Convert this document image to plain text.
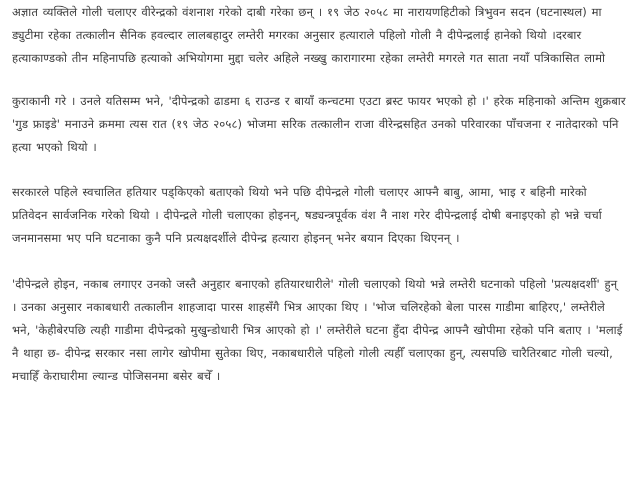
अज्ञात व्यक्तिले गोली चलाएर वीरेन्द्रको वंशनाश गरेको दाबी गरेका छन् । १९ जेठ २०५८ मा नारायणहिटीको त्रिभुवन सदन (घटनास्थल) मा ड्युटीमा रहेका तत्कालीन सैनिक हवल्दार लालबहादुर लम्तेरी मगरका अनुसार हत्याराले पहिलो गोली नै दीपेन्द्रलाई हानेको थियो ।दरबार हत्याकाण्डको तीन महिनापछि हत्याको अभियोगमा मुद्दा चलेर अहिले नख्खु कारागारमा रहेका लम्तेरी मगरले गत साता नयाँ पत्रिकासित लामो

कुराकानी गरे । उनले यतिसम्म भने, 'दीपेन्द्रको ढाडमा ६ राउन्ड र बायाँ कन्चटमा एउटा ब्रस्ट फायर भएको हो ।' हरेक महिनाको अन्तिम शुक्रबार 'गुड फ्राइडे' मनाउने क्रममा त्यस रात (१९ जेठ २०५८) भोजमा सरिक तत्कालीन राजा वीरेन्द्रसहित उनको परिवारका पाँचजना र नातेदारको पनि हत्या भएको थियो ।

सरकारले पहिले स्वचालित हतियार पड्किएको बताएको थियो भने पछि दीपेन्द्रले गोली चलाएर आफ्नै बाबु, आमा, भाइ र बहिनी मारेको प्रतिवेदन सार्वजनिक गरेको थियो । दीपेन्द्रले गोली चलाएका होइनन्, षड्यन्त्रपूर्वक वंश नै नाश गरेर दीपेन्द्रलाई दोषी बनाइएको हो भन्ने चर्चा जनमानसमा भए पनि घटनाका कुनै पनि प्रत्यक्षदर्शीले दीपेन्द्र हत्यारा होइनन् भनेर बयान दिएका थिएनन् ।

'दीपेन्द्रले होइन, नकाब लगाएर उनको जस्तै अनुहार बनाएको हतियारधारीले' गोली चलाएको थियो भन्ने लम्तेरी घटनाको पहिलो 'प्रत्यक्षदर्शी' हुन् । उनका अनुसार नकाबधारी तत्कालीन शाहजादा पारस शाहसँगै भित्र आएका थिए । 'भोज चलिरहेको बेला पारस गाडीमा बाहिरए,' लम्तेरीले भने, 'केहीबेरपछि त्यही गाडीमा दीपेन्द्रको मुखुन्डोधारी भित्र आएको हो ।' लम्तेरीले घटना हुँदा दीपेन्द्र आफ्नै खोपीमा रहेको पनि बताए । 'मलाई नै थाहा छ- दीपेन्द्र सरकार नसा लागेर खोपीमा सुतेका थिए, नकाबधारीले पहिलो गोली त्यहीँ चलाएका हुन्, त्यसपछि चारैतिरबाट गोली चल्यो, मचाहिँ केराघारीमा ल्यान्ड पोजिसनमा बसेर बचेँ ।
